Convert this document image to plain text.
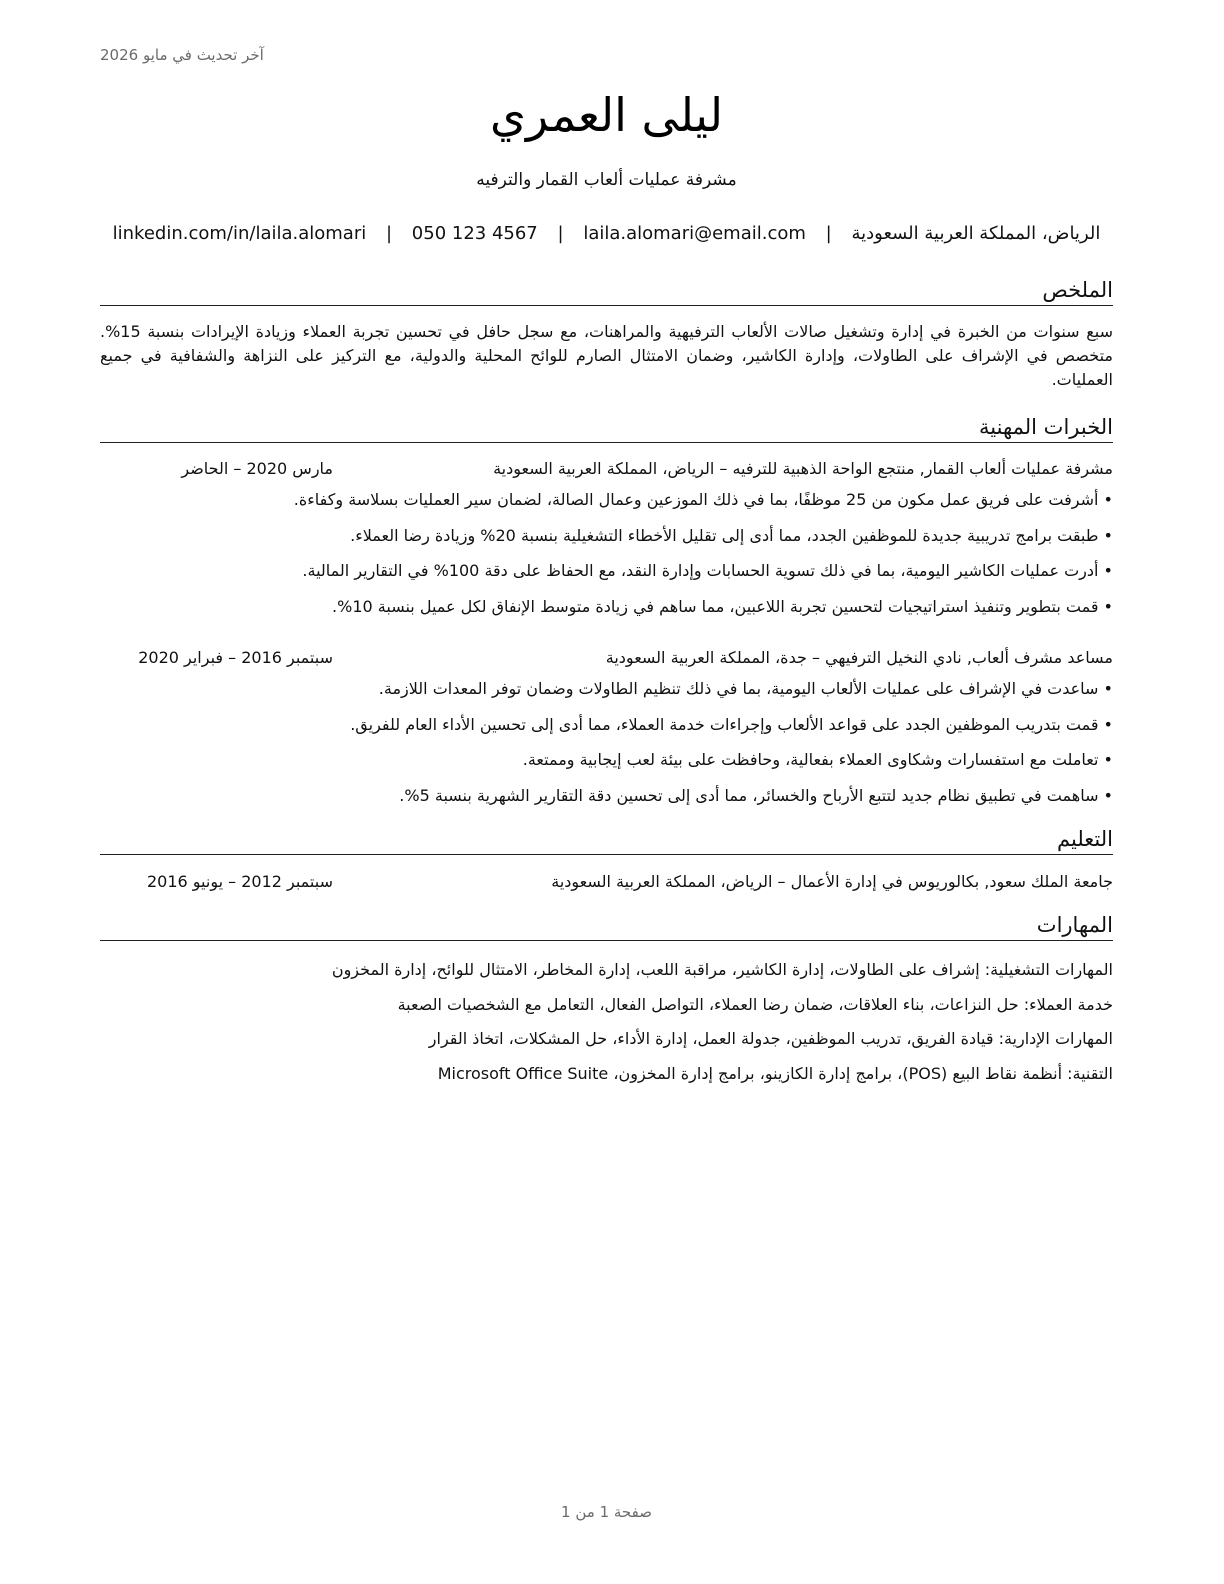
آخر تحديث في مايو 2026
ليلى العمري
مشرفة عمليات ألعاب القمار والترفيه
الرياض، المملكة العربية السعودية | laila.alomari@email.com | 050 123 4567 | linkedin.com/in/laila.alomari
الملخص
سبع سنوات من الخبرة في إدارة وتشغيل صالات الألعاب الترفيهية والمراهنات، مع سجل حافل في تحسين تجربة العملاء وزيادة الإيرادات بنسبة 15%. متخصص في الإشراف على الطاولات، وإدارة الكاشير، وضمان الامتثال الصارم للوائح المحلية والدولية، مع التركيز على النزاهة والشفافية في جميع العمليات.
الخبرات المهنية
مشرفة عمليات ألعاب القمار, منتجع الواحة الذهبية للترفيه – الرياض، المملكة العربية السعودية
مارس 2020 – الحاضر
• أشرفت على فريق عمل مكون من 25 موظفًا، بما في ذلك الموزعين وعمال الصالة، لضمان سير العمليات بسلاسة وكفاءة.
• طبقت برامج تدريبية جديدة للموظفين الجدد، مما أدى إلى تقليل الأخطاء التشغيلية بنسبة 20% وزيادة رضا العملاء.
• أدرت عمليات الكاشير اليومية، بما في ذلك تسوية الحسابات وإدارة النقد، مع الحفاظ على دقة 100% في التقارير المالية.
• قمت بتطوير وتنفيذ استراتيجيات لتحسين تجربة اللاعبين، مما ساهم في زيادة متوسط الإنفاق لكل عميل بنسبة 10%.
مساعد مشرف ألعاب, نادي النخيل الترفيهي – جدة، المملكة العربية السعودية
سبتمبر 2016 – فبراير 2020
• ساعدت في الإشراف على عمليات الألعاب اليومية، بما في ذلك تنظيم الطاولات وضمان توفر المعدات اللازمة.
• قمت بتدريب الموظفين الجدد على قواعد الألعاب وإجراءات خدمة العملاء، مما أدى إلى تحسين الأداء العام للفريق.
• تعاملت مع استفسارات وشكاوى العملاء بفعالية، وحافظت على بيئة لعب إيجابية وممتعة.
• ساهمت في تطبيق نظام جديد لتتبع الأرباح والخسائر، مما أدى إلى تحسين دقة التقارير الشهرية بنسبة 5%.
التعليم
جامعة الملك سعود, بكالوريوس في إدارة الأعمال – الرياض، المملكة العربية السعودية
سبتمبر 2012 – يونيو 2016
المهارات
المهارات التشغيلية: إشراف على الطاولات، إدارة الكاشير، مراقبة اللعب، إدارة المخاطر، الامتثال للوائح، إدارة المخزون
خدمة العملاء: حل النزاعات، بناء العلاقات، ضمان رضا العملاء، التواصل الفعال، التعامل مع الشخصيات الصعبة
المهارات الإدارية: قيادة الفريق، تدريب الموظفين، جدولة العمل، إدارة الأداء، حل المشكلات، اتخاذ القرار
التقنية: أنظمة نقاط البيع (POS)، برامج إدارة الكازينو، برامج إدارة المخزون، Microsoft Office Suite
صفحة 1 من 1
